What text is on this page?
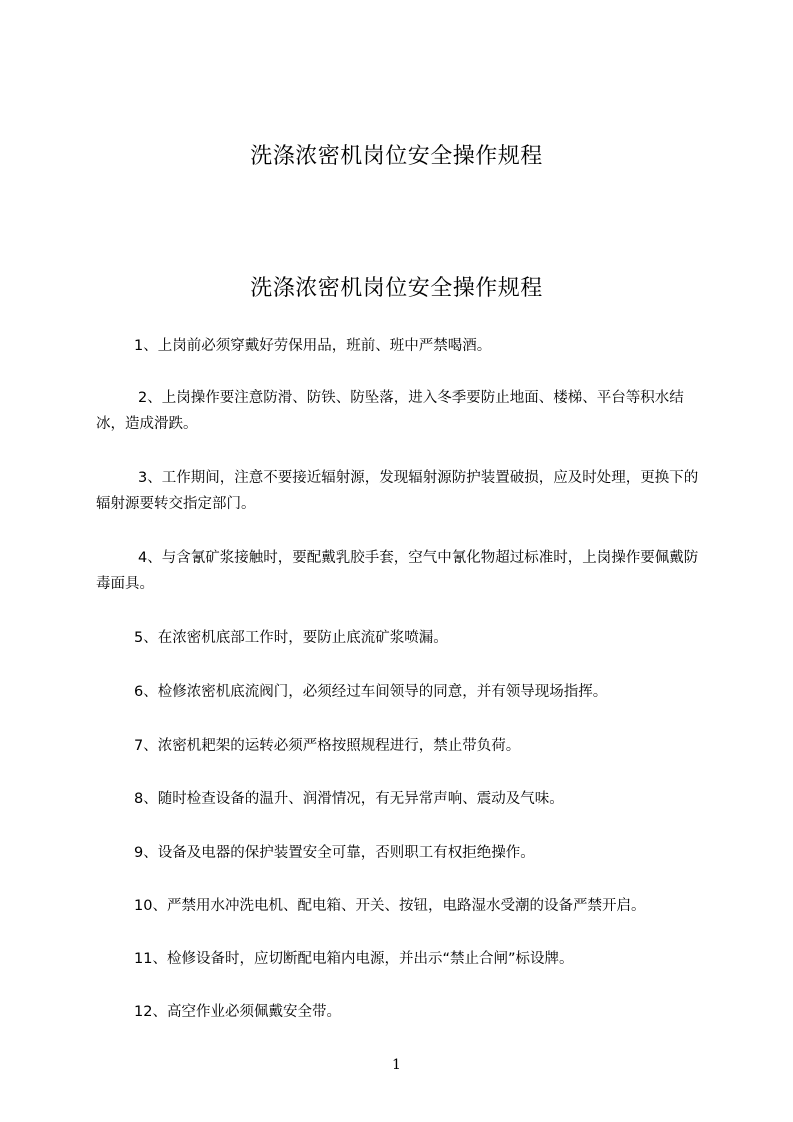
洗涤浓密机岗位安全操作规程
洗涤浓密机岗位安全操作规程
1、上岗前必须穿戴好劳保用品，班前、班中严禁喝酒。
2、上岗操作要注意防滑、防铁、防坠落，进入冬季要防止地面、楼梯、平台等积水结冰，造成滑跌。
3、工作期间，注意不要接近辐射源，发现辐射源防护装置破损，应及时处理，更换下的辐射源要转交指定部门。
4、与含氰矿浆接触时，要配戴乳胶手套，空气中氰化物超过标准时，上岗操作要佩戴防毒面具。
5、在浓密机底部工作时，要防止底流矿浆喷漏。
6、检修浓密机底流阀门，必须经过车间领导的同意，并有领导现场指挥。
7、浓密机耙架的运转必须严格按照规程进行，禁止带负荷。
8、随时检查设备的温升、润滑情况，有无异常声响、震动及气味。
9、设备及电器的保护装置安全可靠，否则职工有权拒绝操作。
10、严禁用水冲洗电机、配电箱、开关、按钮，电路湿水受潮的设备严禁开启。
11、检修设备时，应切断配电箱内电源，并出示“禁止合闸”标设牌。
12、高空作业必须佩戴安全带。
1
